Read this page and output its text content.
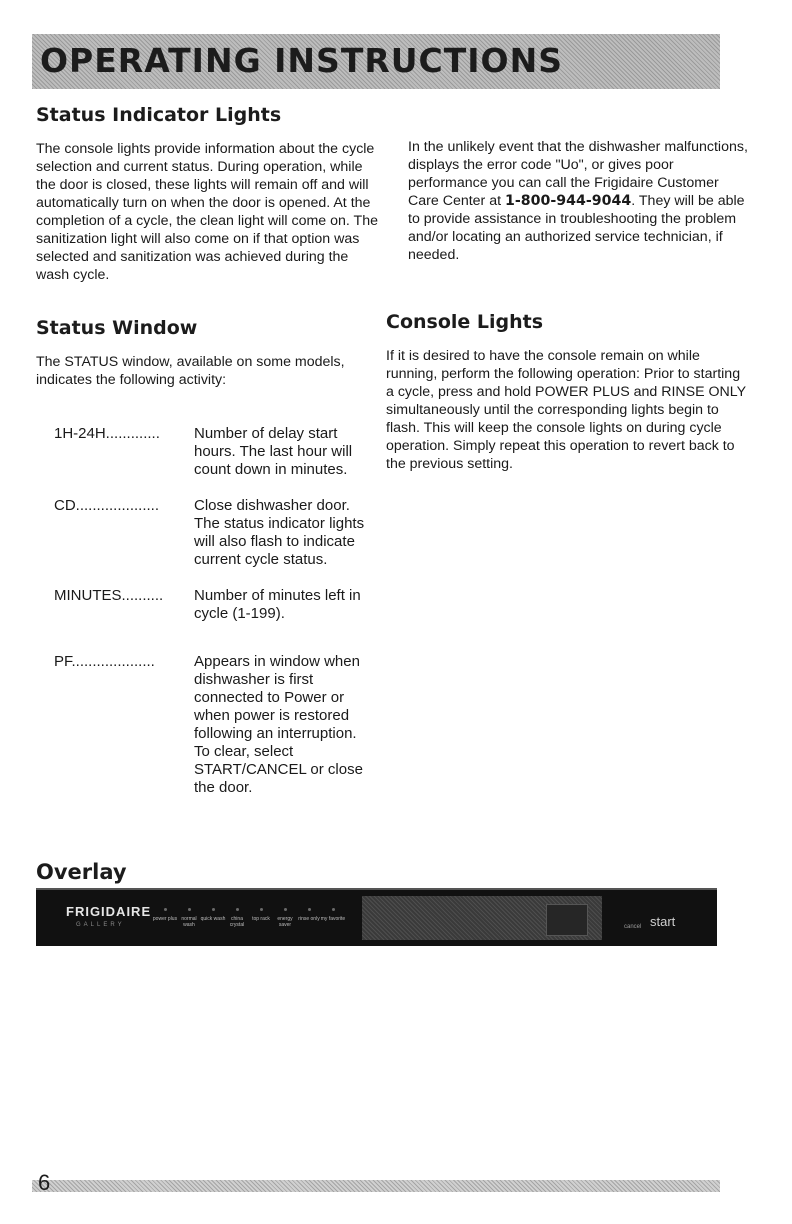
OPERATING INSTRUCTIONS
Status Indicator Lights

The console lights provide information about the cycle selection and current status. During operation, while the door is closed, these lights will remain off and will automatically turn on when the door is opened. At the completion of a cycle, the clean light will come on. The sanitization light will also come on if that option was selected and sanitization was achieved during the wash cycle.

Status Window

The STATUS window, available on some models, indicates the following activity:

1H-24H.............	Number of delay start hours. The last hour will count down in minutes.
CD....................	Close dishwasher door. The status indicator lights will also flash to indicate current cycle status.
MINUTES..........	Number of minutes left in cycle (1-199).
PF....................	Appears in window when dishwasher is first connected to Power or when power is restored following an interruption. To clear, select START/CANCEL or close the door.

In the unlikely event that the dishwasher malfunctions, displays the error code "Uo", or gives poor performance you can call the Frigidaire Customer Care Center at 1-800-944-9044. They will be able to provide assistance in troubleshooting the problem and/or locating an authorized service technician, if needed.

Console Lights

If it is desired to have the console remain on while running, perform the following operation: Prior to starting a cycle, press and hold POWER PLUS and RINSE ONLY simultaneously until the corresponding lights begin to flash. This will keep the console lights on during cycle operation. Simply repeat this operation to revert back to the previous setting.

Overlay
FRIGIDAIRE
GALLERY
power plus normal wash
quick wash	china crystal
top rack	energy saver
rinse only my favorite	start
cancel
6
